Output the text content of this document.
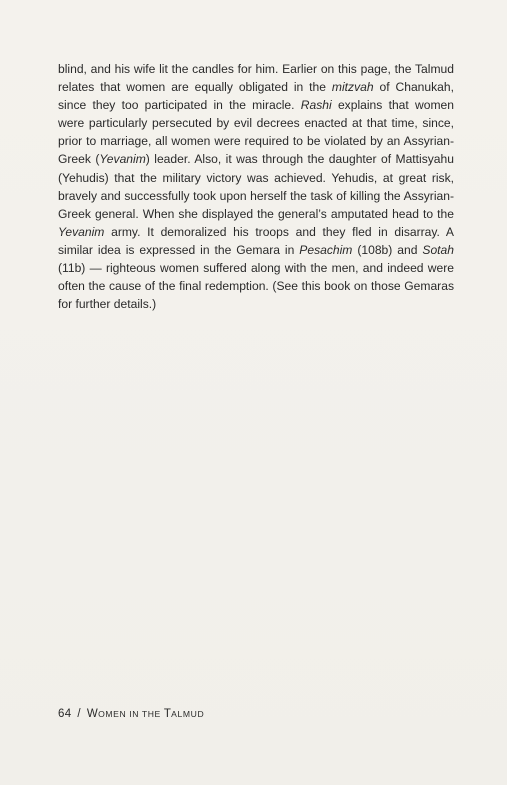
blind, and his wife lit the candles for him. Earlier on this page, the Talmud relates that women are equally obligated in the mitzvah of Chanukah, since they too participated in the miracle. Rashi explains that women were particularly persecuted by evil decrees enacted at that time, since, prior to marriage, all women were required to be violated by an Assyrian-Greek (Yevanim) leader. Also, it was through the daughter of Mattisyahu (Yehudis) that the military victory was achieved. Yehudis, at great risk, bravely and successfully took upon herself the task of killing the Assyrian-Greek general. When she displayed the general’s amputated head to the Yevanim army. It demoralized his troops and they fled in disarray. A similar idea is expressed in the Gemara in Pesachim (108b) and Sotah (11b) — righteous women suffered along with the men, and indeed were often the cause of the final redemption. (See this book on those Gemaras for further details.)

64 / WOMEN IN THE TALMUD
